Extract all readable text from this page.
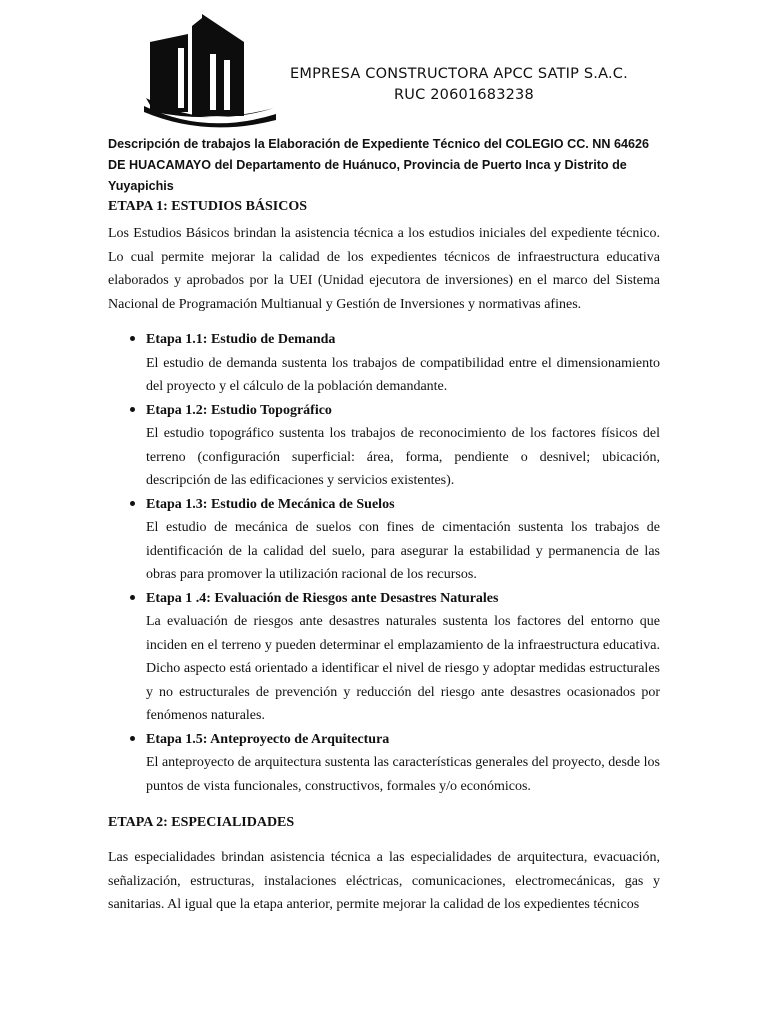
EMPRESA CONSTRUCTORA APCC SATIP S.A.C.
RUC 20601683238
Descripción de trabajos la Elaboración de Expediente Técnico del COLEGIO CC. NN 64626 DE HUACAMAYO del Departamento de Huánuco, Provincia de Puerto Inca y Distrito de Yuyapichis
ETAPA 1: ESTUDIOS BÁSICOS

Los Estudios Básicos brindan la asistencia técnica a los estudios iniciales del expediente técnico. Lo cual permite mejorar la calidad de los expedientes técnicos de infraestructura educativa elaborados y aprobados por la UEI (Unidad ejecutora de inversiones) en el marco del Sistema Nacional de Programación Multianual y Gestión de Inversiones y normativas afines.

Etapa 1.1: Estudio de Demanda
El estudio de demanda sustenta los trabajos de compatibilidad entre el dimensionamiento del proyecto y el cálculo de la población demandante.
Etapa 1.2: Estudio Topográfico
El estudio topográfico sustenta los trabajos de reconocimiento de los factores físicos del terreno (configuración superficial: área, forma, pendiente o desnivel; ubicación, descripción de las edificaciones y servicios existentes).
Etapa 1.3: Estudio de Mecánica de Suelos
El estudio de mecánica de suelos con fines de cimentación sustenta los trabajos de identificación de la calidad del suelo, para asegurar la estabilidad y permanencia de las obras para promover la utilización racional de los recursos.
Etapa 1 .4: Evaluación de Riesgos ante Desastres Naturales
La evaluación de riesgos ante desastres naturales sustenta los factores del entorno que inciden en el terreno y pueden determinar el emplazamiento de la infraestructura educativa. Dicho aspecto está orientado a identificar el nivel de riesgo y adoptar medidas estructurales y no estructurales de prevención y reducción del riesgo ante desastres ocasionados por fenómenos naturales.
Etapa 1.5: Anteproyecto de Arquitectura
El anteproyecto de arquitectura sustenta las características generales del proyecto, desde los puntos de vista funcionales, constructivos, formales y/o económicos.
ETAPA 2: ESPECIALIDADES

Las especialidades brindan asistencia técnica a las especialidades de arquitectura, evacuación, señalización, estructuras, instalaciones eléctricas, comunicaciones, electromecánicas, gas y sanitarias. Al igual que la etapa anterior, permite mejorar la calidad de los expedientes técnicos
